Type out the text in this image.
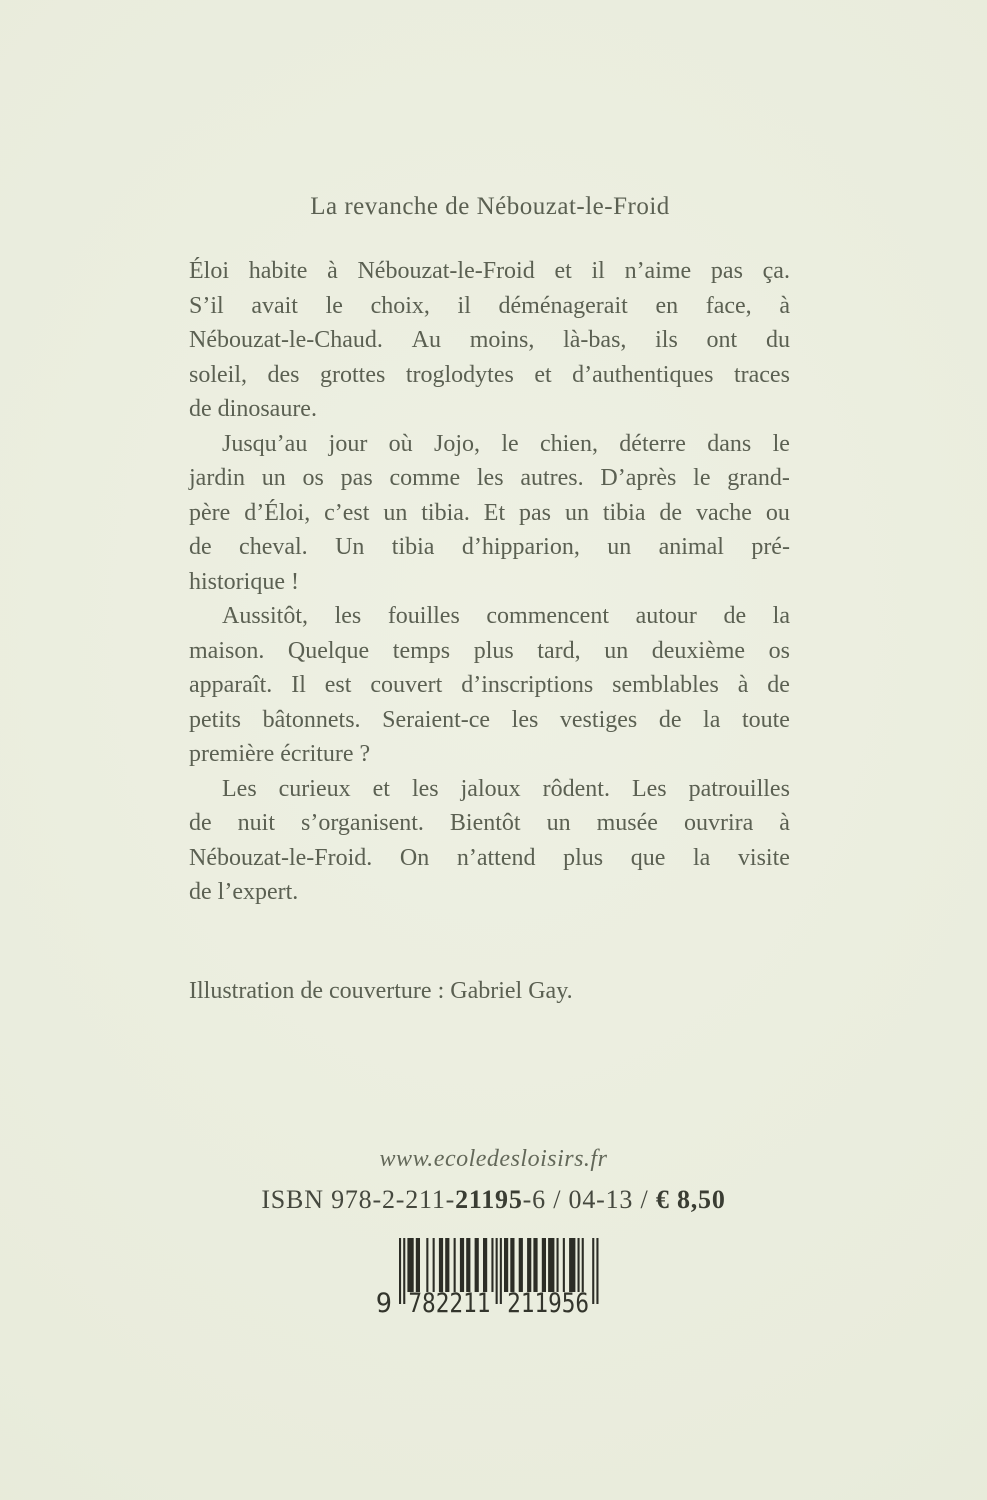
La revanche de Nébouzat-le-Froid
Éloi habite à Nébouzat-le-Froid et il n’aime pas ça.
S’il avait le choix, il déménagerait en face, à
Nébouzat-le-Chaud. Au moins, là-bas, ils ont du
soleil, des grottes troglodytes et d’authentiques traces
de dinosaure.
Jusqu’au jour où Jojo, le chien, déterre dans le
jardin un os pas comme les autres. D’après le grand-
père d’Éloi, c’est un tibia. Et pas un tibia de vache ou
de cheval. Un tibia d’hipparion, un animal pré-
historique !
Aussitôt, les fouilles commencent autour de la
maison. Quelque temps plus tard, un deuxième os
apparaît. Il est couvert d’inscriptions semblables à de
petits bâtonnets. Seraient-ce les vestiges de la toute
première écriture ?
Les curieux et les jaloux rôdent. Les patrouilles
de nuit s’organisent. Bientôt un musée ouvrira à
Nébouzat-le-Froid. On n’attend plus que la visite
de l’expert.
Illustration de couverture : Gabriel Gay.
www.ecoledesloisirs.fr
ISBN 978-2-211-21195-6 / 04-13 / € 8,50
9 782211 211956
